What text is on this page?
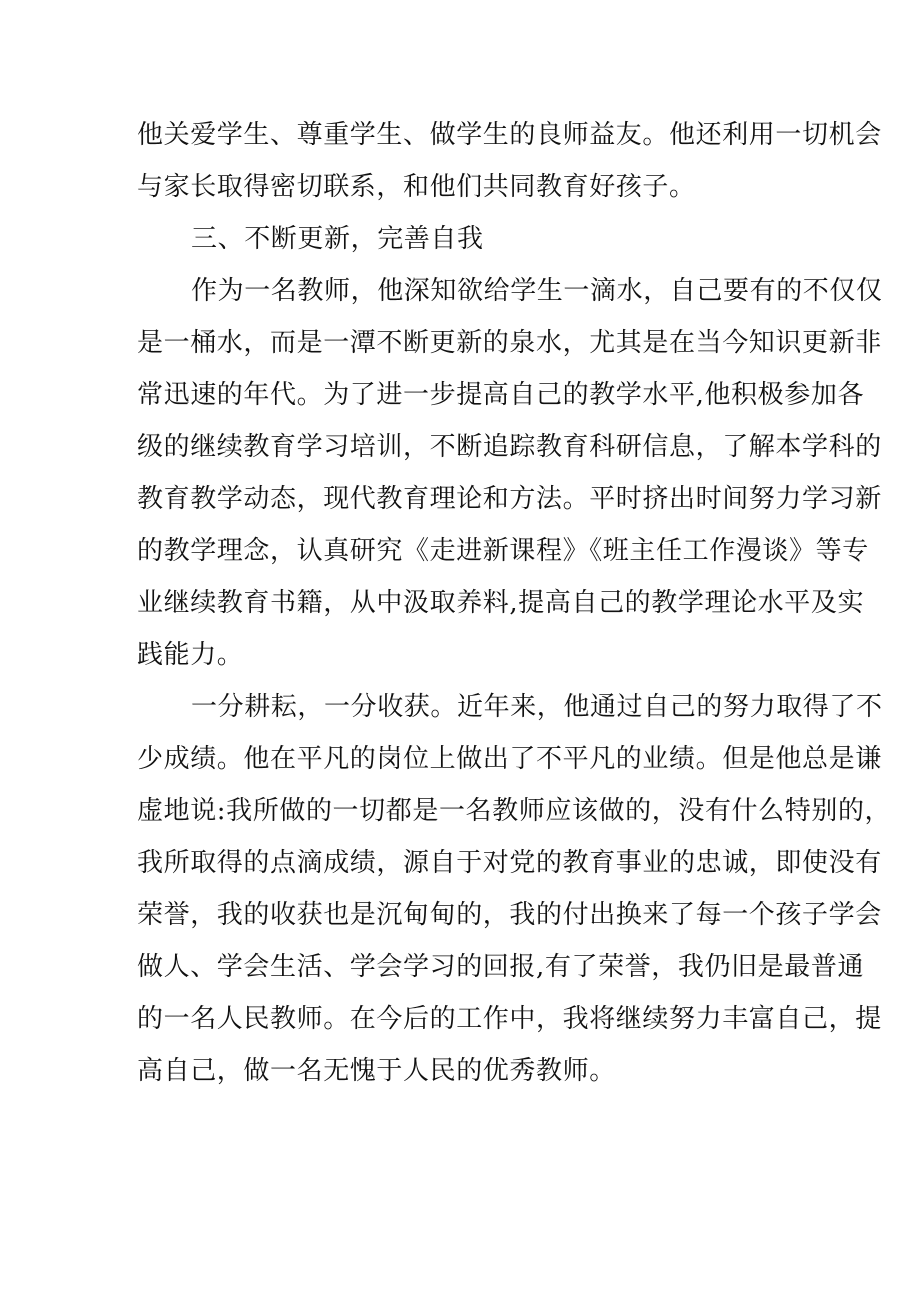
他关爱学生、尊重学生、做学生的良师益友。他还利用一切机会
与家长取得密切联系，和他们共同教育好孩子。
三、不断更新，完善自我
作为一名教师，他深知欲给学生一滴水，自己要有的不仅仅
是一桶水，而是一潭不断更新的泉水，尤其是在当今知识更新非
常迅速的年代。为了进一步提高自己的教学水平,他积极参加各
级的继续教育学习培训，不断追踪教育科研信息，了解本学科的
教育教学动态，现代教育理论和方法。平时挤出时间努力学习新
的教学理念，认真研究《走进新课程》《班主任工作漫谈》等专
业继续教育书籍，从中汲取养料,提高自己的教学理论水平及实
践能力。
一分耕耘，一分收获。近年来，他通过自己的努力取得了不
少成绩。他在平凡的岗位上做出了不平凡的业绩。但是他总是谦
虚地说:我所做的一切都是一名教师应该做的，没有什么特别的，
我所取得的点滴成绩，源自于对党的教育事业的忠诚，即使没有
荣誉，我的收获也是沉甸甸的，我的付出换来了每一个孩子学会
做人、学会生活、学会学习的回报,有了荣誉，我仍旧是最普通
的一名人民教师。在今后的工作中，我将继续努力丰富自己，提
高自己，做一名无愧于人民的优秀教师。
